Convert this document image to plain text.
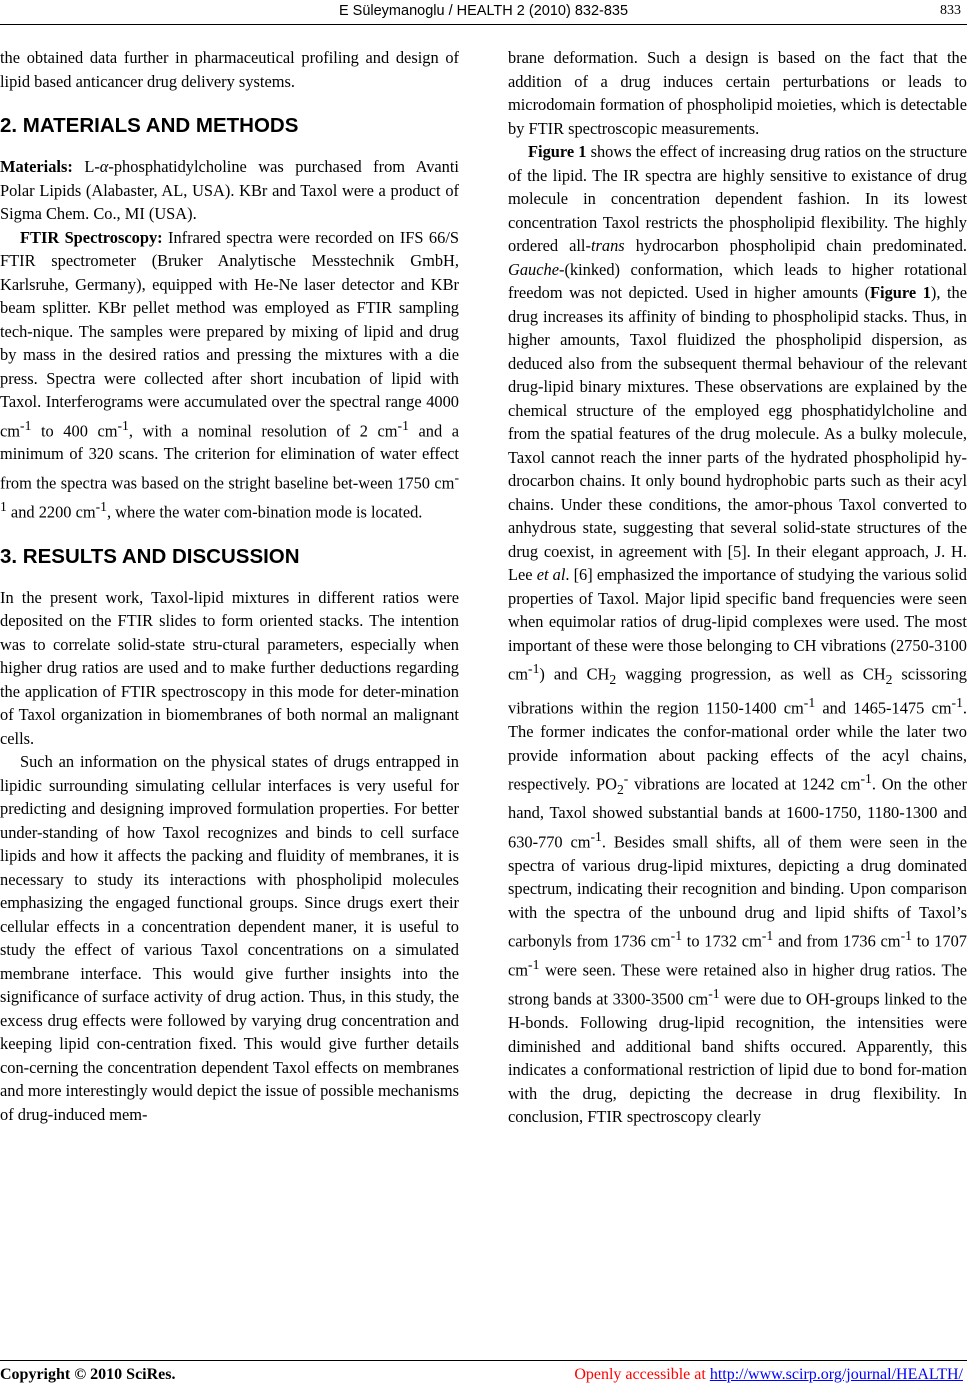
E Süleymanoglu / HEALTH 2 (2010) 832-835	833

the obtained data further in pharmaceutical profiling and design of lipid based anticancer drug delivery systems.

2. MATERIALS AND METHODS

Materials: L-α-phosphatidylcholine was purchased from Avanti Polar Lipids (Alabaster, AL, USA). KBr and Taxol were a product of Sigma Chem. Co., MI (USA).

FTIR Spectroscopy: Infrared spectra were recorded on IFS 66/S FTIR spectrometer (Bruker Analytische Messtechnik GmbH, Karlsruhe, Germany), equipped with He-Ne laser detector and KBr beam splitter. KBr pellet method was employed as FTIR sampling tech-nique. The samples were prepared by mixing of lipid and drug by mass in the desired ratios and pressing the mixtures with a die press. Spectra were collected after short incubation of lipid with Taxol. Interferograms were accumulated over the spectral range 4000 $cm^{-1}$ to 400 $cm^{-1}$, with a nominal resolution of 2 $cm^{-1}$ and a minimum of 320 scans. The criterion for elimination of water effect from the spectra was based on the stright baseline bet-ween 1750 $cm^{-1}$ and 2200 $cm^{-1}$, where the water com-bination mode is located.

3. RESULTS AND DISCUSSION

In the present work, Taxol-lipid mixtures in different ratios were deposited on the FTIR slides to form oriented stacks. The intention was to correlate solid-state stru-ctural parameters, especially when higher drug ratios are used and to make further deductions regarding the application of FTIR spectroscopy in this mode for deter-mination of Taxol organization in biomembranes of both normal an malignant cells.

Such an information on the physical states of drugs entrapped in lipidic surrounding simulating cellular interfaces is very useful for predicting and designing improved formulation properties. For better under-standing of how Taxol recognizes and binds to cell surface lipids and how it affects the packing and fluidity of membranes, it is necessary to study its interactions with phospholipid molecules emphasizing the engaged functional groups. Since drugs exert their cellular effects in a concentration dependent maner, it is useful to study the effect of various Taxol concentrations on a simulated membrane interface. This would give further insights into the significance of surface activity of drug action. Thus, in this study, the excess drug effects were followed by varying drug concentration and keeping lipid con-centration fixed. This would give further details con-cerning the concentration dependent Taxol effects on membranes and more interestingly would depict the issue of possible mechanisms of drug-induced mem-

brane deformation. Such a design is based on the fact that the addition of a drug induces certain perturbations or leads to microdomain formation of phospholipid moieties, which is detectable by FTIR spectroscopic measurements.

Figure 1 shows the effect of increasing drug ratios on the structure of the lipid. The IR spectra are highly sensitive to existance of drug molecule in concentration dependent fashion. In its lowest concentration Taxol restricts the phospholipid flexibility. The highly ordered all-trans hydrocarbon phospholipid chain predominated. Gauche-(kinked) conformation, which leads to higher rotational freedom was not depicted. Used in higher amounts (Figure 1), the drug increases its affinity of binding to phospholipid stacks. Thus, in higher amounts, Taxol fluidized the phospholipid dispersion, as deduced also from the subsequent thermal behaviour of the relevant drug-lipid binary mixtures. These observations are explained by the chemical structure of the employed egg phosphatidylcholine and from the spatial features of the drug molecule. As a bulky molecule, Taxol cannot reach the inner parts of the hydrated phospholipid hy-drocarbon chains. It only bound hydrophobic parts such as their acyl chains. Under these conditions, the amor-phous Taxol converted to anhydrous state, suggesting that several solid-state structures of the drug coexist, in agreement with [5]. In their elegant approach, J. H. Lee et al. [6] emphasized the importance of studying the various solid properties of Taxol. Major lipid specific band frequencies were seen when equimolar ratios of drug-lipid complexes were used. The most important of these were those belonging to CH vibrations (2750-3100 $cm^{-1}$) and $CH_2$ wagging progression, as well as $CH_2$ scissoring vibrations within the region 1150-1400 $cm^{-1}$ and 1465-1475 $cm^{-1}$. The former indicates the confor-mational order while the later two provide information about packing effects of the acyl chains, respectively. $PO_2^-$ vibrations are located at 1242 $cm^{-1}$. On the other hand, Taxol showed substantial bands at 1600-1750, 1180-1300 and 630-770 $cm^{-1}$. Besides small shifts, all of them were seen in the spectra of various drug-lipid mixtures, depicting a drug dominated spectrum, indicating their recognition and binding. Upon comparison with the spectra of the unbound drug and lipid shifts of Taxol’s carbonyls from 1736 $cm^{-1}$ to 1732 $cm^{-1}$ and from 1736 $cm^{-1}$ to 1707 $cm^{-1}$ were seen. These were retained also in higher drug ratios. The strong bands at 3300-3500 $cm^{-1}$ were due to OH-groups linked to the H-bonds. Following drug-lipid recognition, the intensities were diminished and additional band shifts occured. Apparently, this indicates a conformational restriction of lipid due to bond for-mation with the drug, depicting the decrease in drug flexibility. In conclusion, FTIR spectroscopy clearly

Copyright © 2010 SciRes.	Openly accessible at http://www.scirp.org/journal/HEALTH/
